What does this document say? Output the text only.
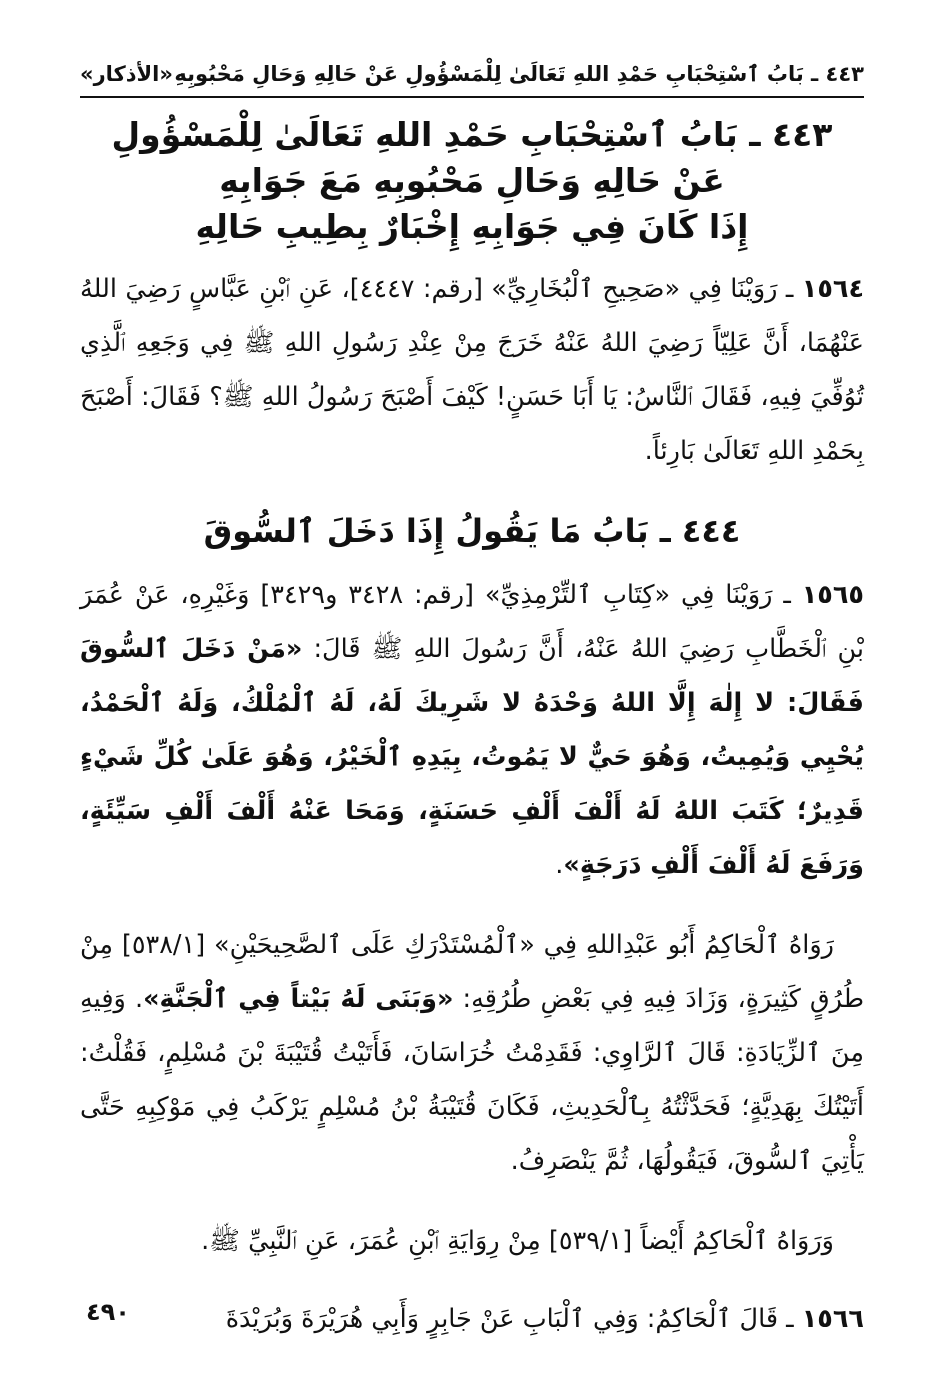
٤٤٣ ـ بَابُ ٱسْتِحْبَابِ حَمْدِ اللهِ تَعَالَىٰ لِلْمَسْؤُولِ عَنْ حَالِهِ وَحَالِ مَحْبُوبِهِ
«الأذكار»
٤٤٣ ـ بَابُ ٱسْتِحْبَابِ حَمْدِ اللهِ تَعَالَىٰ لِلْمَسْؤُولِ
عَنْ حَالِهِ وَحَالِ مَحْبُوبِهِ مَعَ جَوَابِهِ
إِذَا كَانَ فِي جَوَابِهِ إِخْبَارٌ بِطِيبِ حَالِهِ

١٥٦٤ ـ رَوَيْنَا فِي «صَحِيحِ ٱلْبُخَارِيِّ» [رقم: ٤٤٤٧]، عَنِ ٱبْنِ عَبَّاسٍ رَضِيَ اللهُ عَنْهُمَا، أَنَّ عَلِيّاً رَضِيَ اللهُ عَنْهُ خَرَجَ مِنْ عِنْدِ رَسُولِ اللهِ ﷺ فِي وَجَعِهِ ٱلَّذِي تُوُفِّيَ فِيهِ، فَقَالَ ٱلنَّاسُ: يَا أَبَا حَسَنٍ! كَيْفَ أَصْبَحَ رَسُولُ اللهِ ﷺ؟ فَقَالَ: أَصْبَحَ بِحَمْدِ اللهِ تَعَالَىٰ بَارِئاً.

٤٤٤ ـ بَابُ مَا يَقُولُ إِذَا دَخَلَ ٱلسُّوقَ

١٥٦٥ ـ رَوَيْنَا فِي «كِتَابِ ٱلتِّرْمِذِيِّ» [رقم: ٣٤٢٨ و٣٤٢٩] وَغَيْرِهِ، عَنْ عُمَرَ بْنِ ٱلْخَطَّابِ رَضِيَ اللهُ عَنْهُ، أَنَّ رَسُولَ اللهِ ﷺ قَالَ: «مَنْ دَخَلَ ٱلسُّوقَ فَقَالَ: لا إِلٰهَ إِلَّا اللهُ وَحْدَهُ لا شَرِيكَ لَهُ، لَهُ ٱلْمُلْكُ، وَلَهُ ٱلْحَمْدُ، يُحْيِي وَيُمِيتُ، وَهُوَ حَيٌّ لا يَمُوتُ، بِيَدِهِ ٱلْخَيْرُ، وَهُوَ عَلَىٰ كُلِّ شَيْءٍ قَدِيرٌ؛ كَتَبَ اللهُ لَهُ أَلْفَ أَلْفِ حَسَنَةٍ، وَمَحَا عَنْهُ أَلْفَ أَلْفِ سَيِّئَةٍ، وَرَفَعَ لَهُ أَلْفَ أَلْفِ دَرَجَةٍ».

رَوَاهُ ٱلْحَاكِمُ أَبُو عَبْدِاللهِ فِي «ٱلْمُسْتَدْرَكِ عَلَى ٱلصَّحِيحَيْنِ» [٥٣٨/١] مِنْ طُرُقٍ كَثِيرَةٍ، وَزَادَ فِيهِ فِي بَعْضِ طُرُقِهِ: «وَبَنَى لَهُ بَيْتاً فِي ٱلْجَنَّةِ». وَفِيهِ مِنَ ٱلزِّيَادَةِ: قَالَ ٱلرَّاوِي: فَقَدِمْتُ خُرَاسَانَ، فَأَتَيْتُ قُتَيْبَةَ بْنَ مُسْلِمٍ، فَقُلْتُ: أَتَيْتُكَ بِهَدِيَّةٍ؛ فَحَدَّثْتُهُ بِٱلْحَدِيثِ، فَكَانَ قُتَيْبَةُ بْنُ مُسْلِمٍ يَرْكَبُ فِي مَوْكِبِهِ حَتَّى يَأْتِيَ ٱلسُّوقَ، فَيَقُولُهَا، ثُمَّ يَنْصَرِفُ.

وَرَوَاهُ ٱلْحَاكِمُ أَيْضاً [٥٣٩/١] مِنْ رِوَايَةِ ٱبْنِ عُمَرَ، عَنِ ٱلنَّبِيِّ ﷺ.

١٥٦٦ ـ قَالَ ٱلْحَاكِمُ: وَفِي ٱلْبَابِ عَنْ جَابِرٍ وَأَبِي هُرَيْرَةَ وَبُرَيْدَةَ

٤٩٠
